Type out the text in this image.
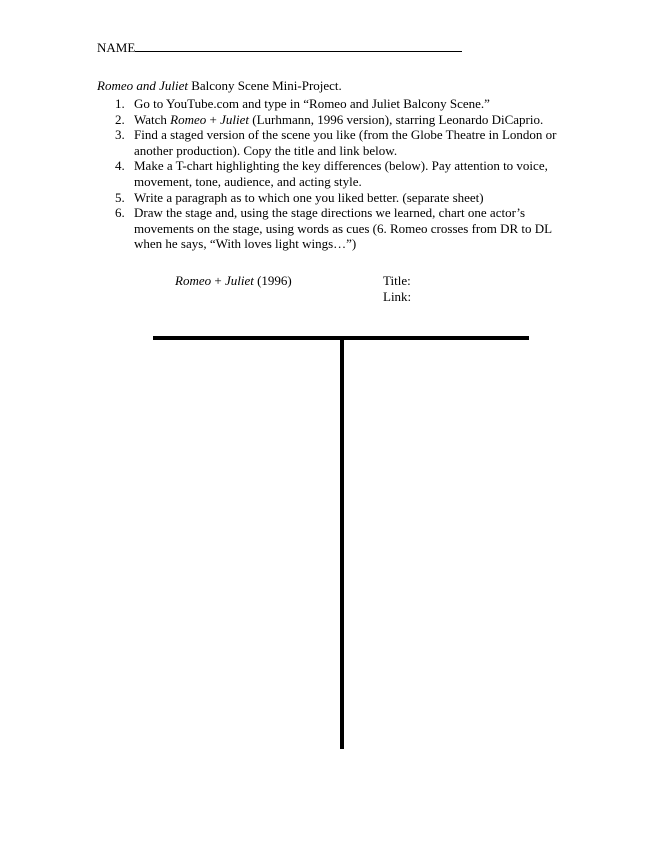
NAME
Romeo and Juliet Balcony Scene Mini-Project.
1. Go to YouTube.com and type in “Romeo and Juliet Balcony Scene.”
2. Watch Romeo + Juliet (Lurhmann, 1996 version), starring Leonardo DiCaprio.
3. Find a staged version of the scene you like (from the Globe Theatre in London or another production). Copy the title and link below.
4. Make a T-chart highlighting the key differences (below). Pay attention to voice, movement, tone, audience, and acting style.
5. Write a paragraph as to which one you liked better. (separate sheet)
6. Draw the stage and, using the stage directions we learned, chart one actor’s movements on the stage, using words as cues (6. Romeo crosses from DR to DL when he says, “With loves light wings…”)
Romeo + Juliet (1996)	Title:
Link:
